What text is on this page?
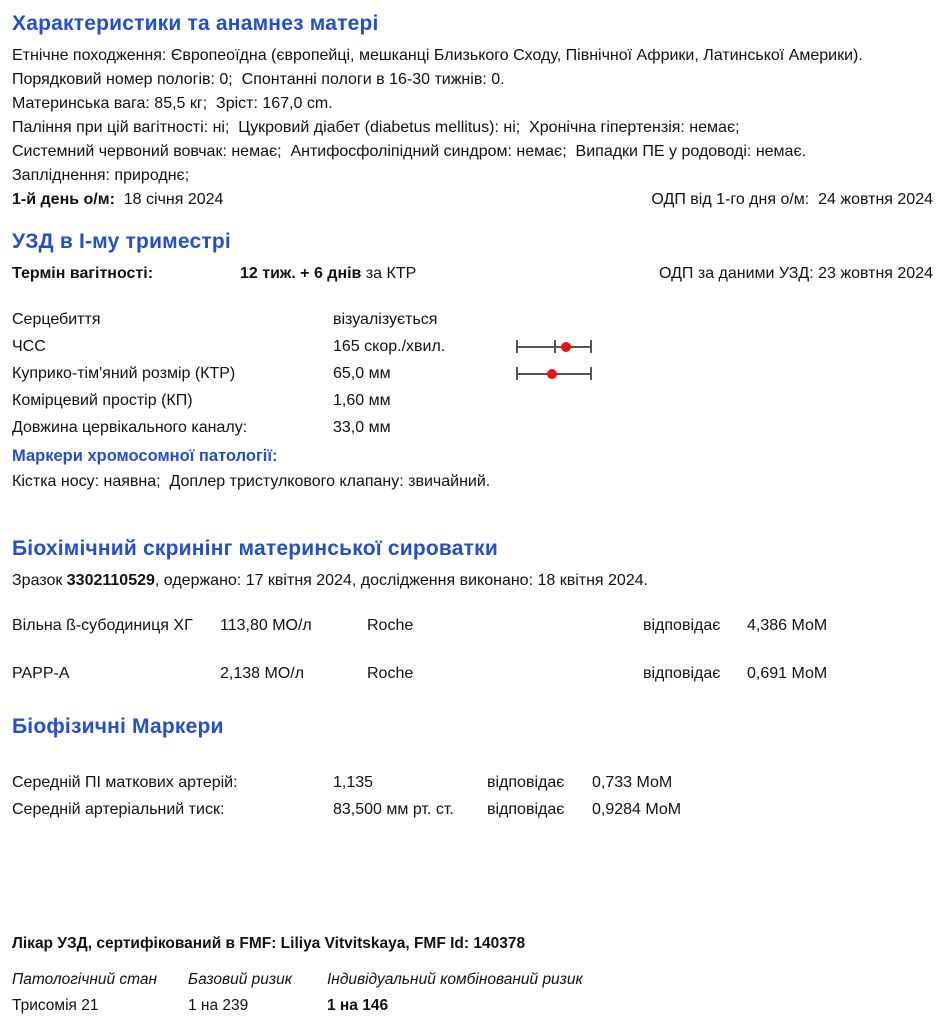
Характеристики та анамнез матері

Етнічне походження: Європеоїдна (європейці, мешканці Близького Сходу, Північної Африки, Латинської Америки).

Порядковий номер пологів: 0;  Спонтанні пологи в 16-30 тижнів: 0.

Материнська вага: 85,5 кг;  Зріст: 167,0 cm.

Паління при цій вагітності: ні;  Цукровий діабет (diabetus mellitus): ні;  Хронічна гіпертензія: немає;

Системний червоний вовчак: немає;  Антифосфоліпідний синдром: немає;  Випадки ПЕ у родоводі: немає.

Запліднення: природнє;

1-й день о/м:  18 січня 2024	ОДП від 1-го дня о/м:  24 жовтня 2024
УЗД в І-му триместрі
Термін вагітності:	12 тиж. + 6 днів за КТР	ОДП за даними УЗД: 23 жовтня 2024
Серцебиття	візуалізується
ЧСС	165 скор./хвил.
Куприко-тім'яний розмір (КТР)	65,0 мм
Комірцевий простір (КП)	1,60 мм
Довжина цервікального каналу:	33,0 мм
Маркери хромосомної патології:

Кістка носу: наявна;  Доплер тристулкового клапану: звичайний.

Біохімічний скринінг материнської сироватки

Зразок 3302110529, одержано: 17 квітня 2024, дослідження виконано: 18 квітня 2024.

Вільна ß-субодиниця ХГ	113,80 МО/л	Roche	відповідає	4,386 МоМ
PAPP-A	2,138 МО/л	Roche	відповідає	0,691 МоМ
Біофізичні Маркери
Середній ПІ маткових артерій:	1,135	відповідає	0,733 МоМ
Середній артеріальний тиск:	83,500 мм рт. ст.	відповідає	0,9284 МоМ

Лікар УЗД, сертифікований в FMF: Liliya Vitvitskaya, FMF Id: 140378

Патологічний стан	Базовий ризик	Індивідуальний комбінований ризик
Трисомія 21	1 на 239	1 на 146
